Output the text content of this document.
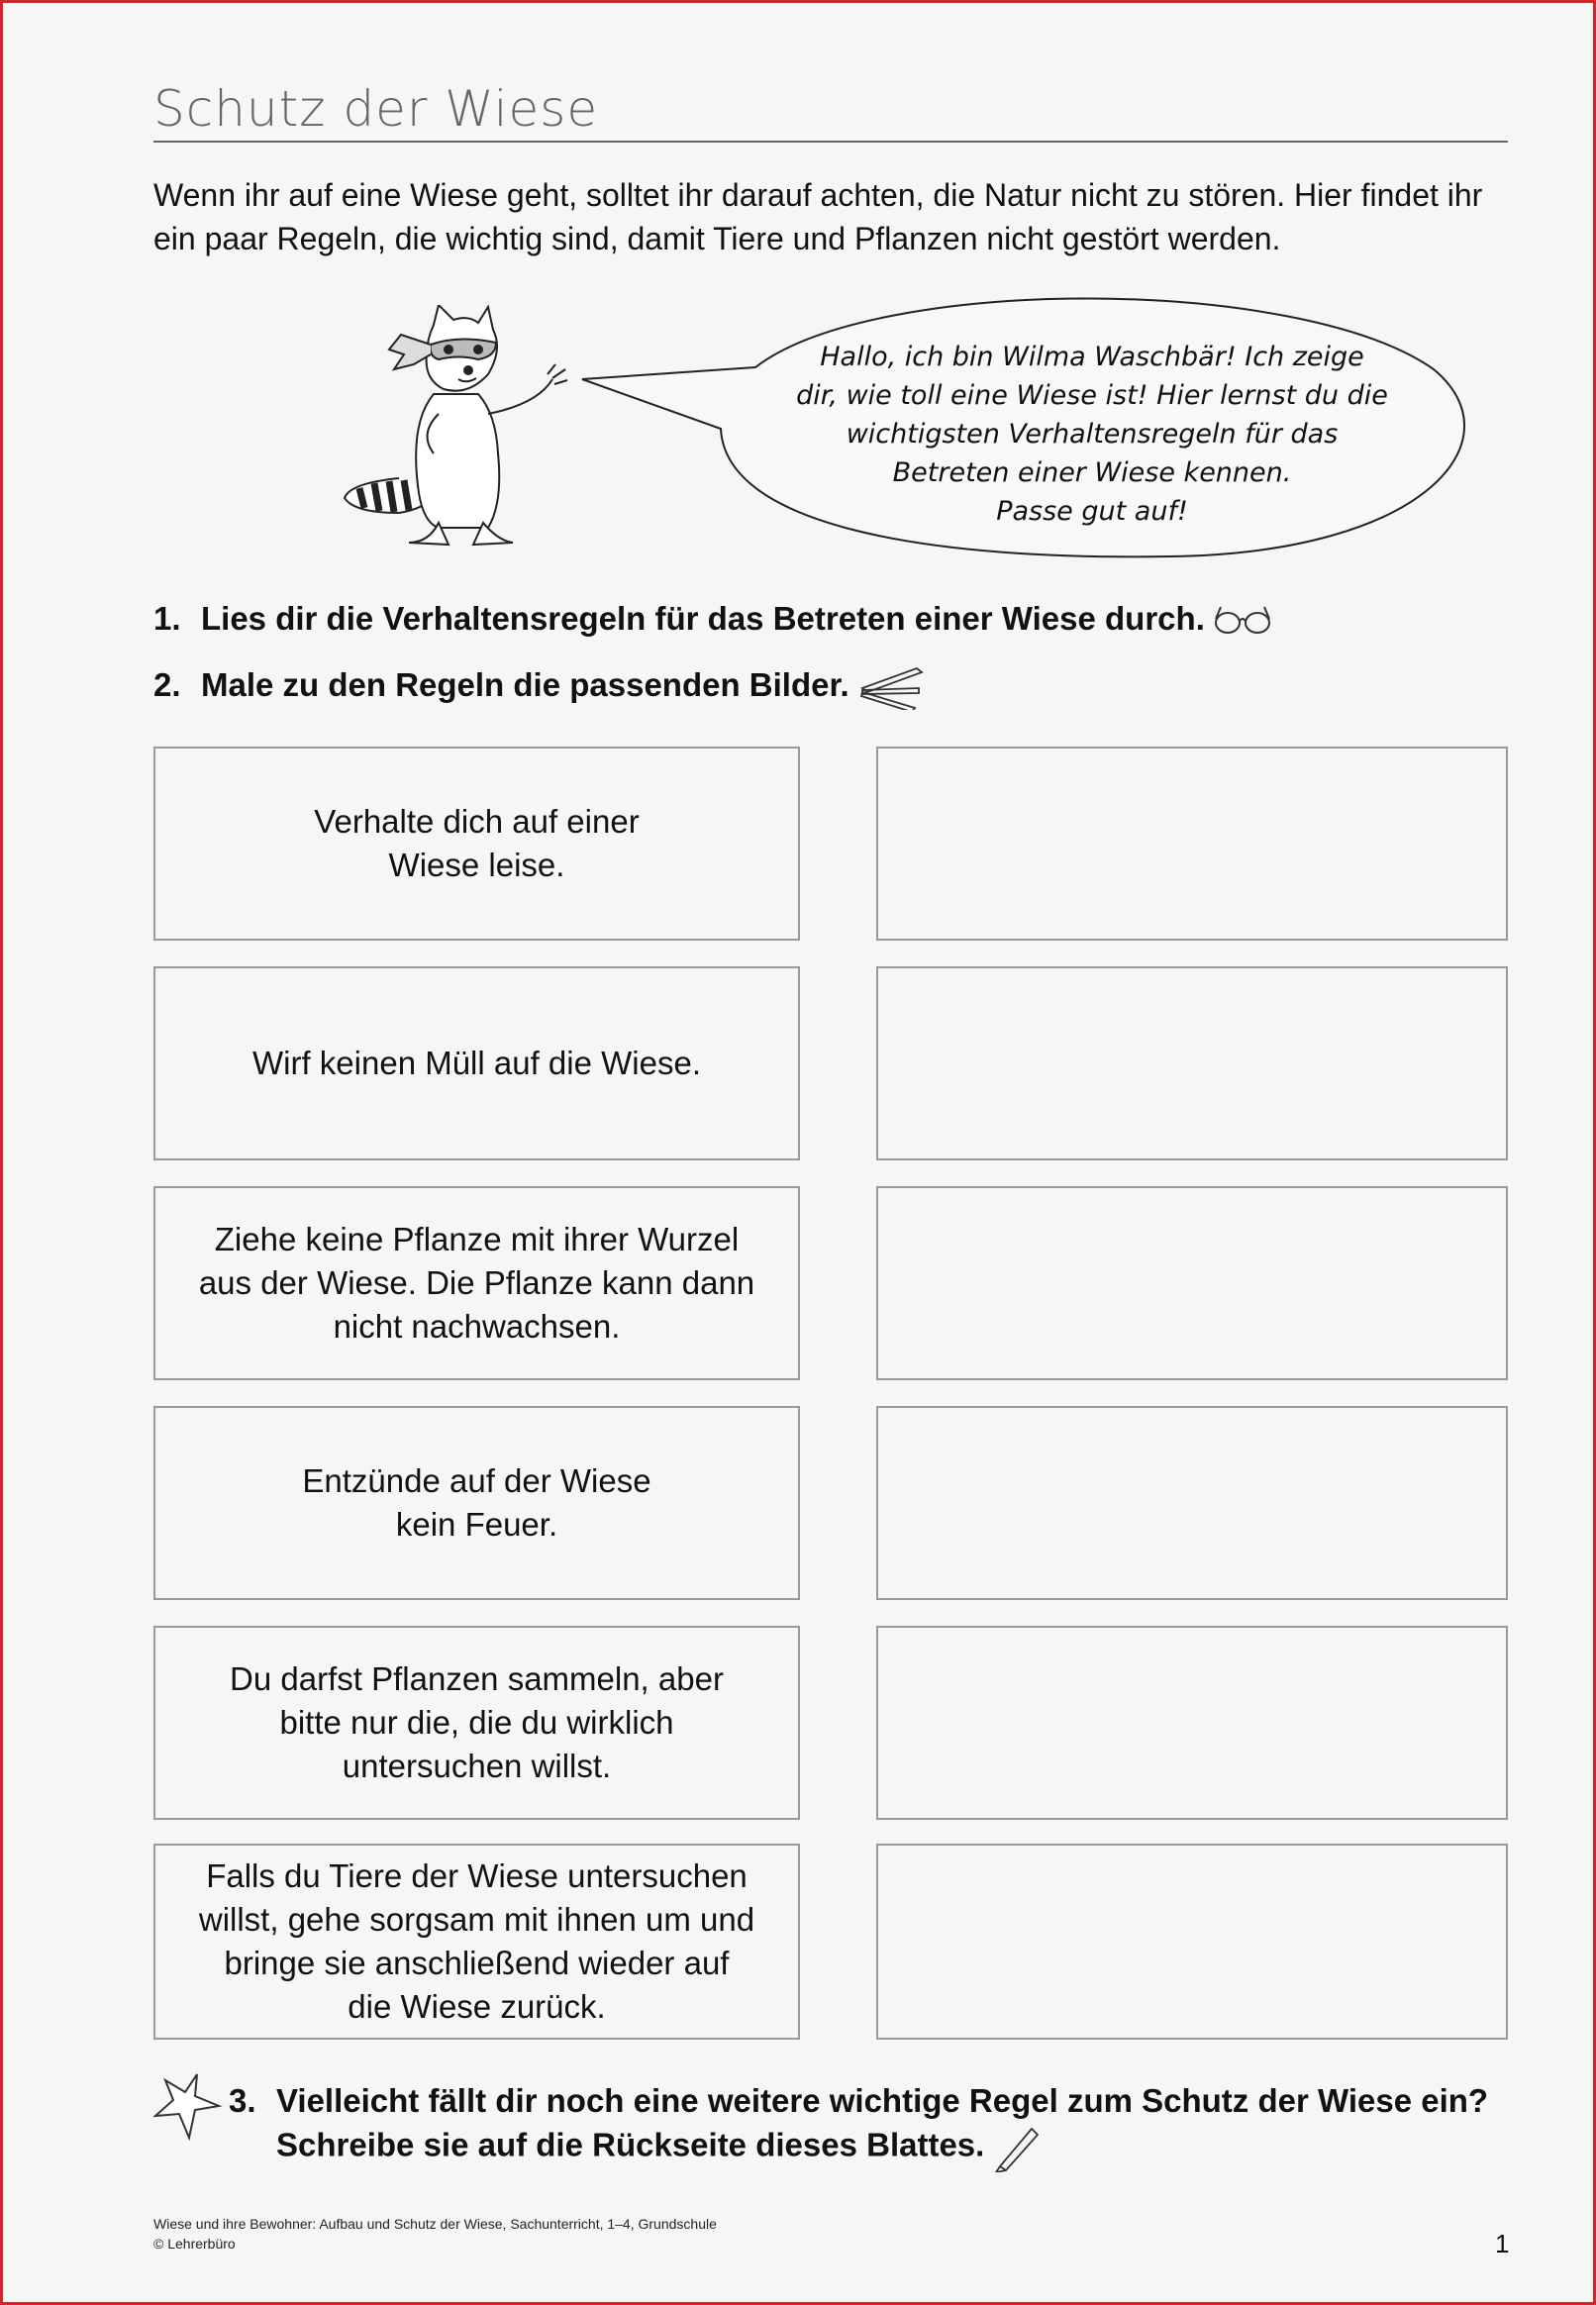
Schutz der Wiese
Wenn ihr auf eine Wiese geht, solltet ihr darauf achten, die Natur nicht zu stören. Hier findet ihr ein paar Regeln, die wichtig sind, damit Tiere und Pflanzen nicht gestört werden.
Hallo, ich bin Wilma Waschbär! Ich zeige
dir, wie toll eine Wiese ist! Hier lernst du die
wichtigsten Verhaltensregeln für das
Betreten einer Wiese kennen.
Passe gut auf!
1. Lies dir die Verhaltensregeln für das Betreten einer Wiese durch.
2. Male zu den Regeln die passenden Bilder.
Verhalte dich auf einer
Wiese leise.
Wirf keinen Müll auf die Wiese.
Ziehe keine Pflanze mit ihrer Wurzel
aus der Wiese. Die Pflanze kann dann
nicht nachwachsen.
Entzünde auf der Wiese
kein Feuer.
Du darfst Pflanzen sammeln, aber
bitte nur die, die du wirklich
untersuchen willst.
Falls du Tiere der Wiese untersuchen
willst, gehe sorgsam mit ihnen um und
bringe sie anschließend wieder auf
die Wiese zurück.
3. Vielleicht fällt dir noch eine weitere wichtige Regel zum Schutz der Wiese ein? Schreibe sie auf die Rückseite dieses Blattes.
Wiese und ihre Bewohner: Aufbau und Schutz der Wiese, Sachunterricht, 1–4, Grundschule
© Lehrerbüro	1
